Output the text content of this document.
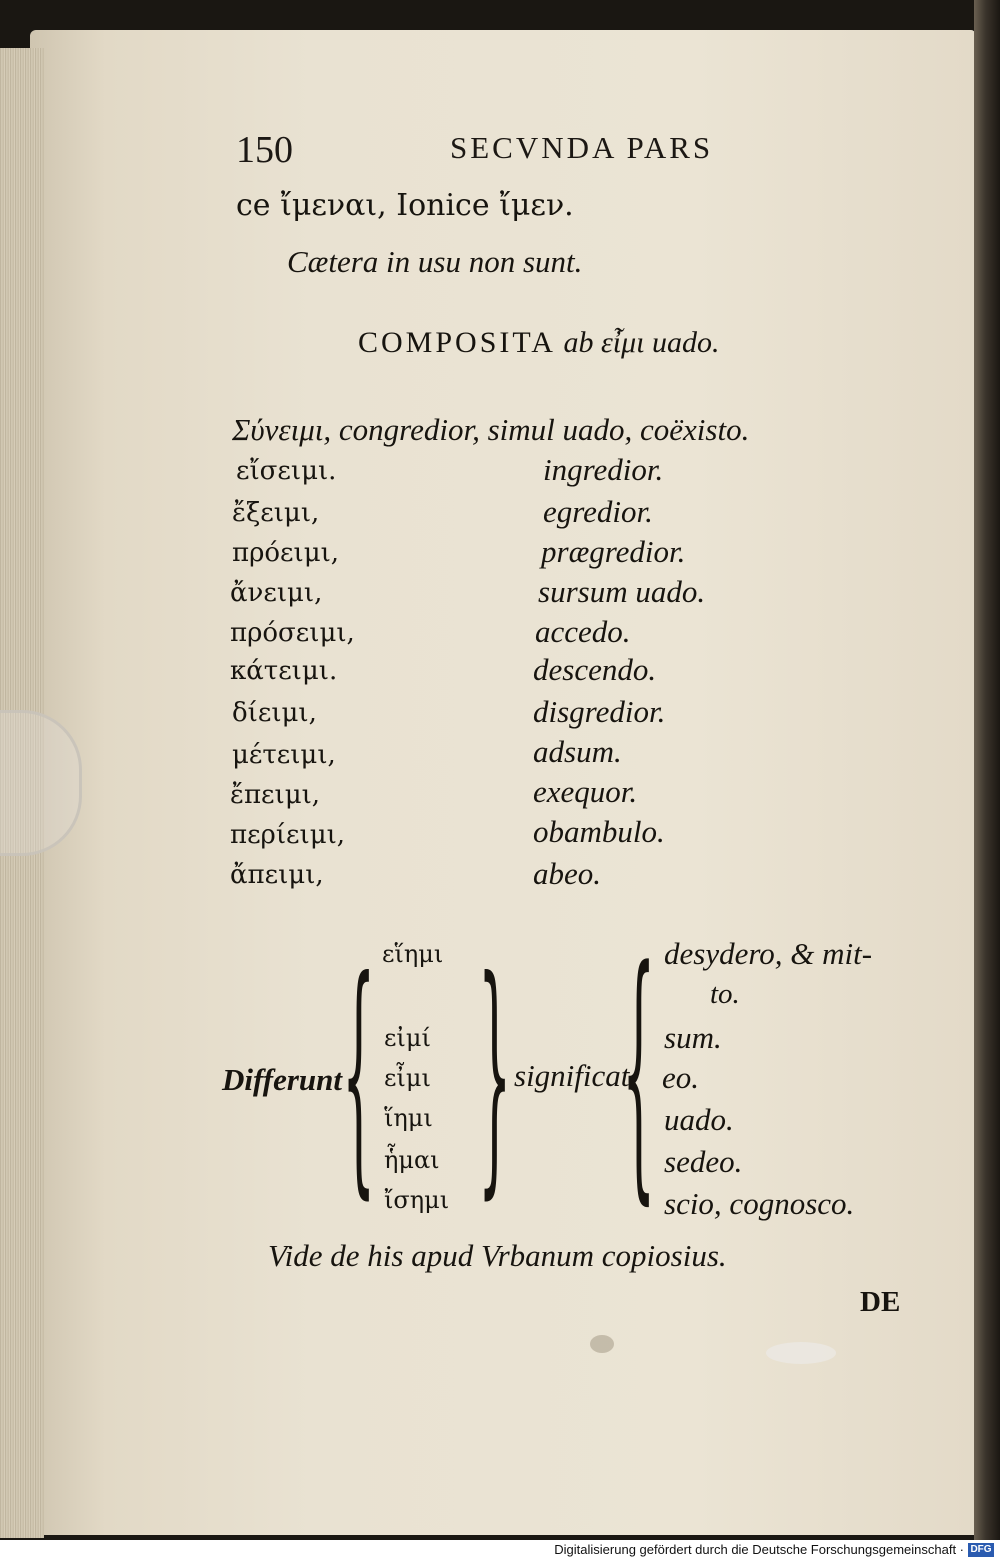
150	SECVNDA PARS
ce ἴμεναι, Ionice ἴμεν.
Cætera in usu non sunt.
COMPOSITA ab εἶμι uado.
Σύνειμι, congredior, simul uado, coëxisto.
εἴσειμι.	ingredior.
ἔξειμι,	egredior.
πρόειμι,	prægredior.
ἄνειμι,	sursum uado.
πρόσειμι,	accedo.
κάτειμι.	descendo.
δίειμι,	disgredior.
μέτειμι,	adsum.
ἔπειμι,	exequor.
περίειμι,	obambulo.
ἄπειμι,	abeo.
Differunt { εἵημι
εἰμί
εἶμι
ἵημι
ἧμαι
ἴσημι } significat
{ desydero, & mit-
to.
sum.
eo.
uado.
sedeo.
scio, cognosco.
Vide de his apud Vrbanum copiosius.
DE
Digitalisierung gefördert durch die Deutsche Forschungsgemeinschaft · DFG
